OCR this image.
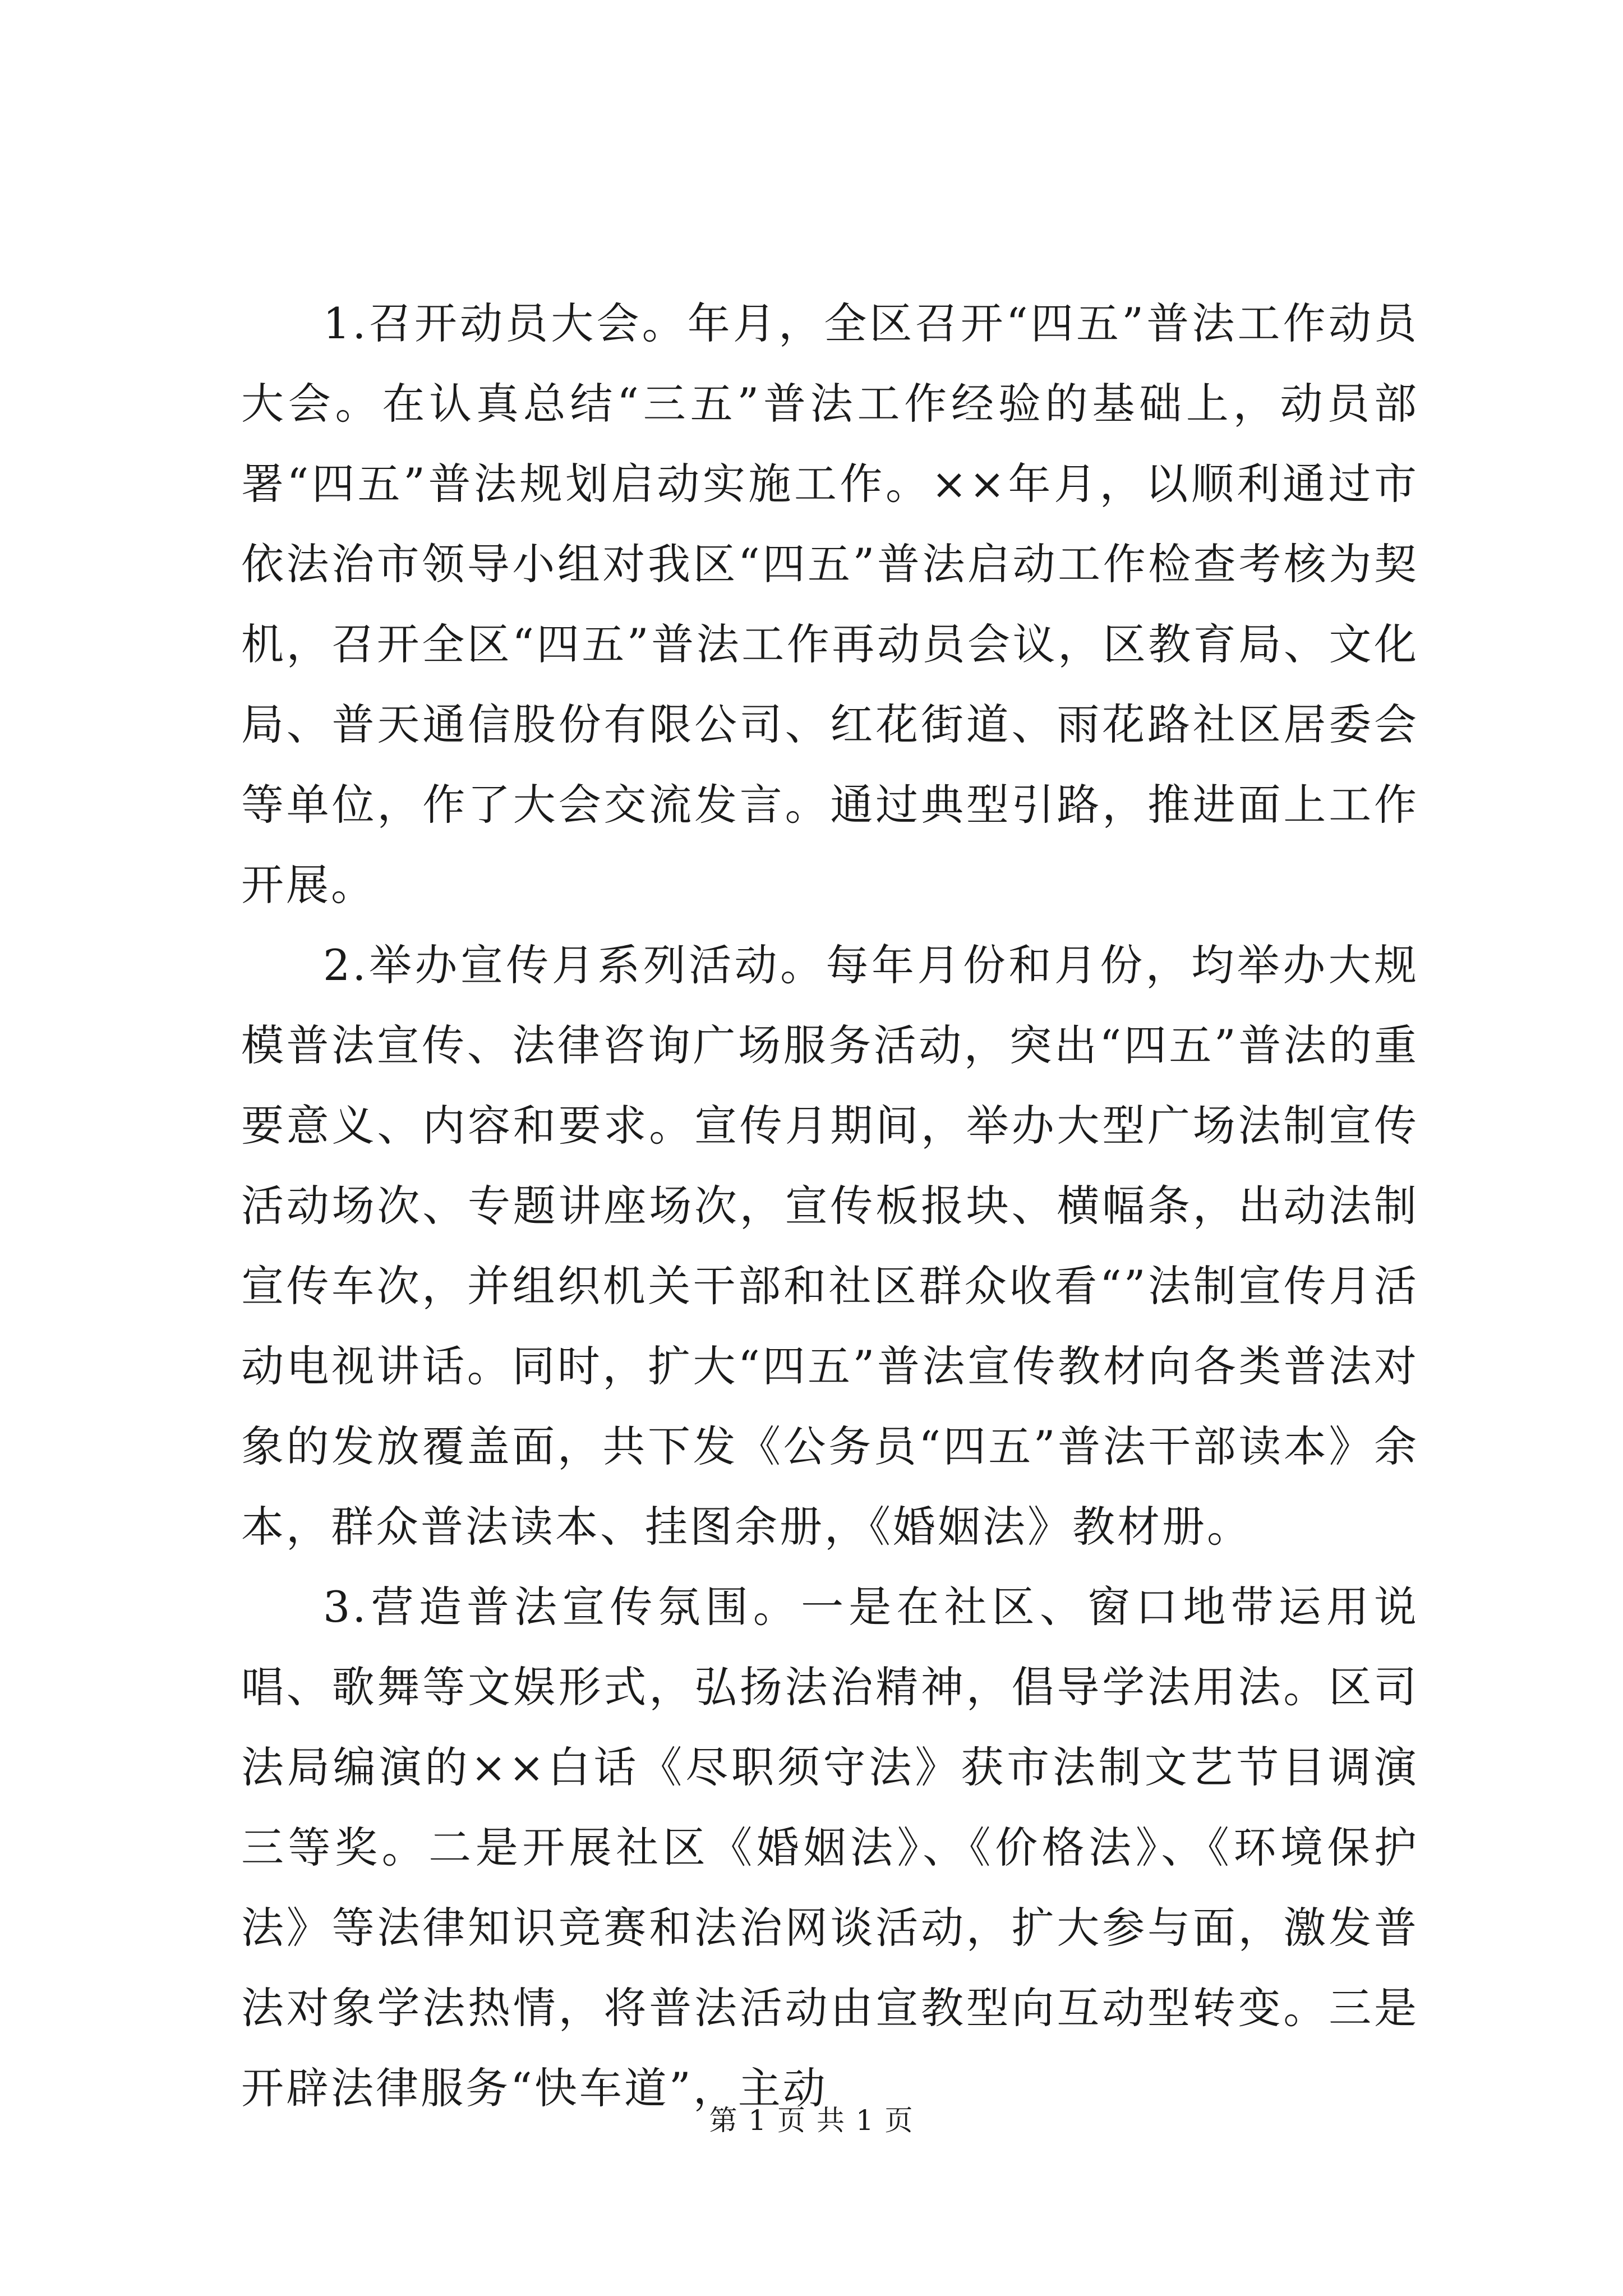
1.召开动员大会。年月，全区召开“四五”普法工作动员大会。在认真总结“三五”普法工作经验的基础上，动员部署“四五”普法规划启动实施工作。××年月，以顺利通过市依法治市领导小组对我区“四五”普法启动工作检查考核为契机，召开全区“四五”普法工作再动员会议，区教育局、文化局、普天通信股份有限公司、红花街道、雨花路社区居委会等单位，作了大会交流发言。通过典型引路，推进面上工作开展。

2.举办宣传月系列活动。每年月份和月份，均举办大规模普法宣传、法律咨询广场服务活动，突出“四五”普法的重要意义、内容和要求。宣传月期间，举办大型广场法制宣传活动场次、专题讲座场次，宣传板报块、横幅条，出动法制宣传车次，并组织机关干部和社区群众收看“”法制宣传月活动电视讲话。同时，扩大“四五”普法宣传教材向各类普法对象的发放覆盖面，共下发《公务员“四五”普法干部读本》余本，群众普法读本、挂图余册，《婚姻法》教材册。

3.营造普法宣传氛围。一是在社区、窗口地带运用说唱、歌舞等文娱形式，弘扬法治精神，倡导学法用法。区司法局编演的××白话《尽职须守法》获市法制文艺节目调演三等奖。二是开展社区《婚姻法》、《价格法》、《环境保护法》等法律知识竞赛和法治网谈活动，扩大参与面，激发普法对象学法热情，将普法活动由宣教型向互动型转变。三是开辟法律服务“快车道”，主动

第 1 页 共 1 页
